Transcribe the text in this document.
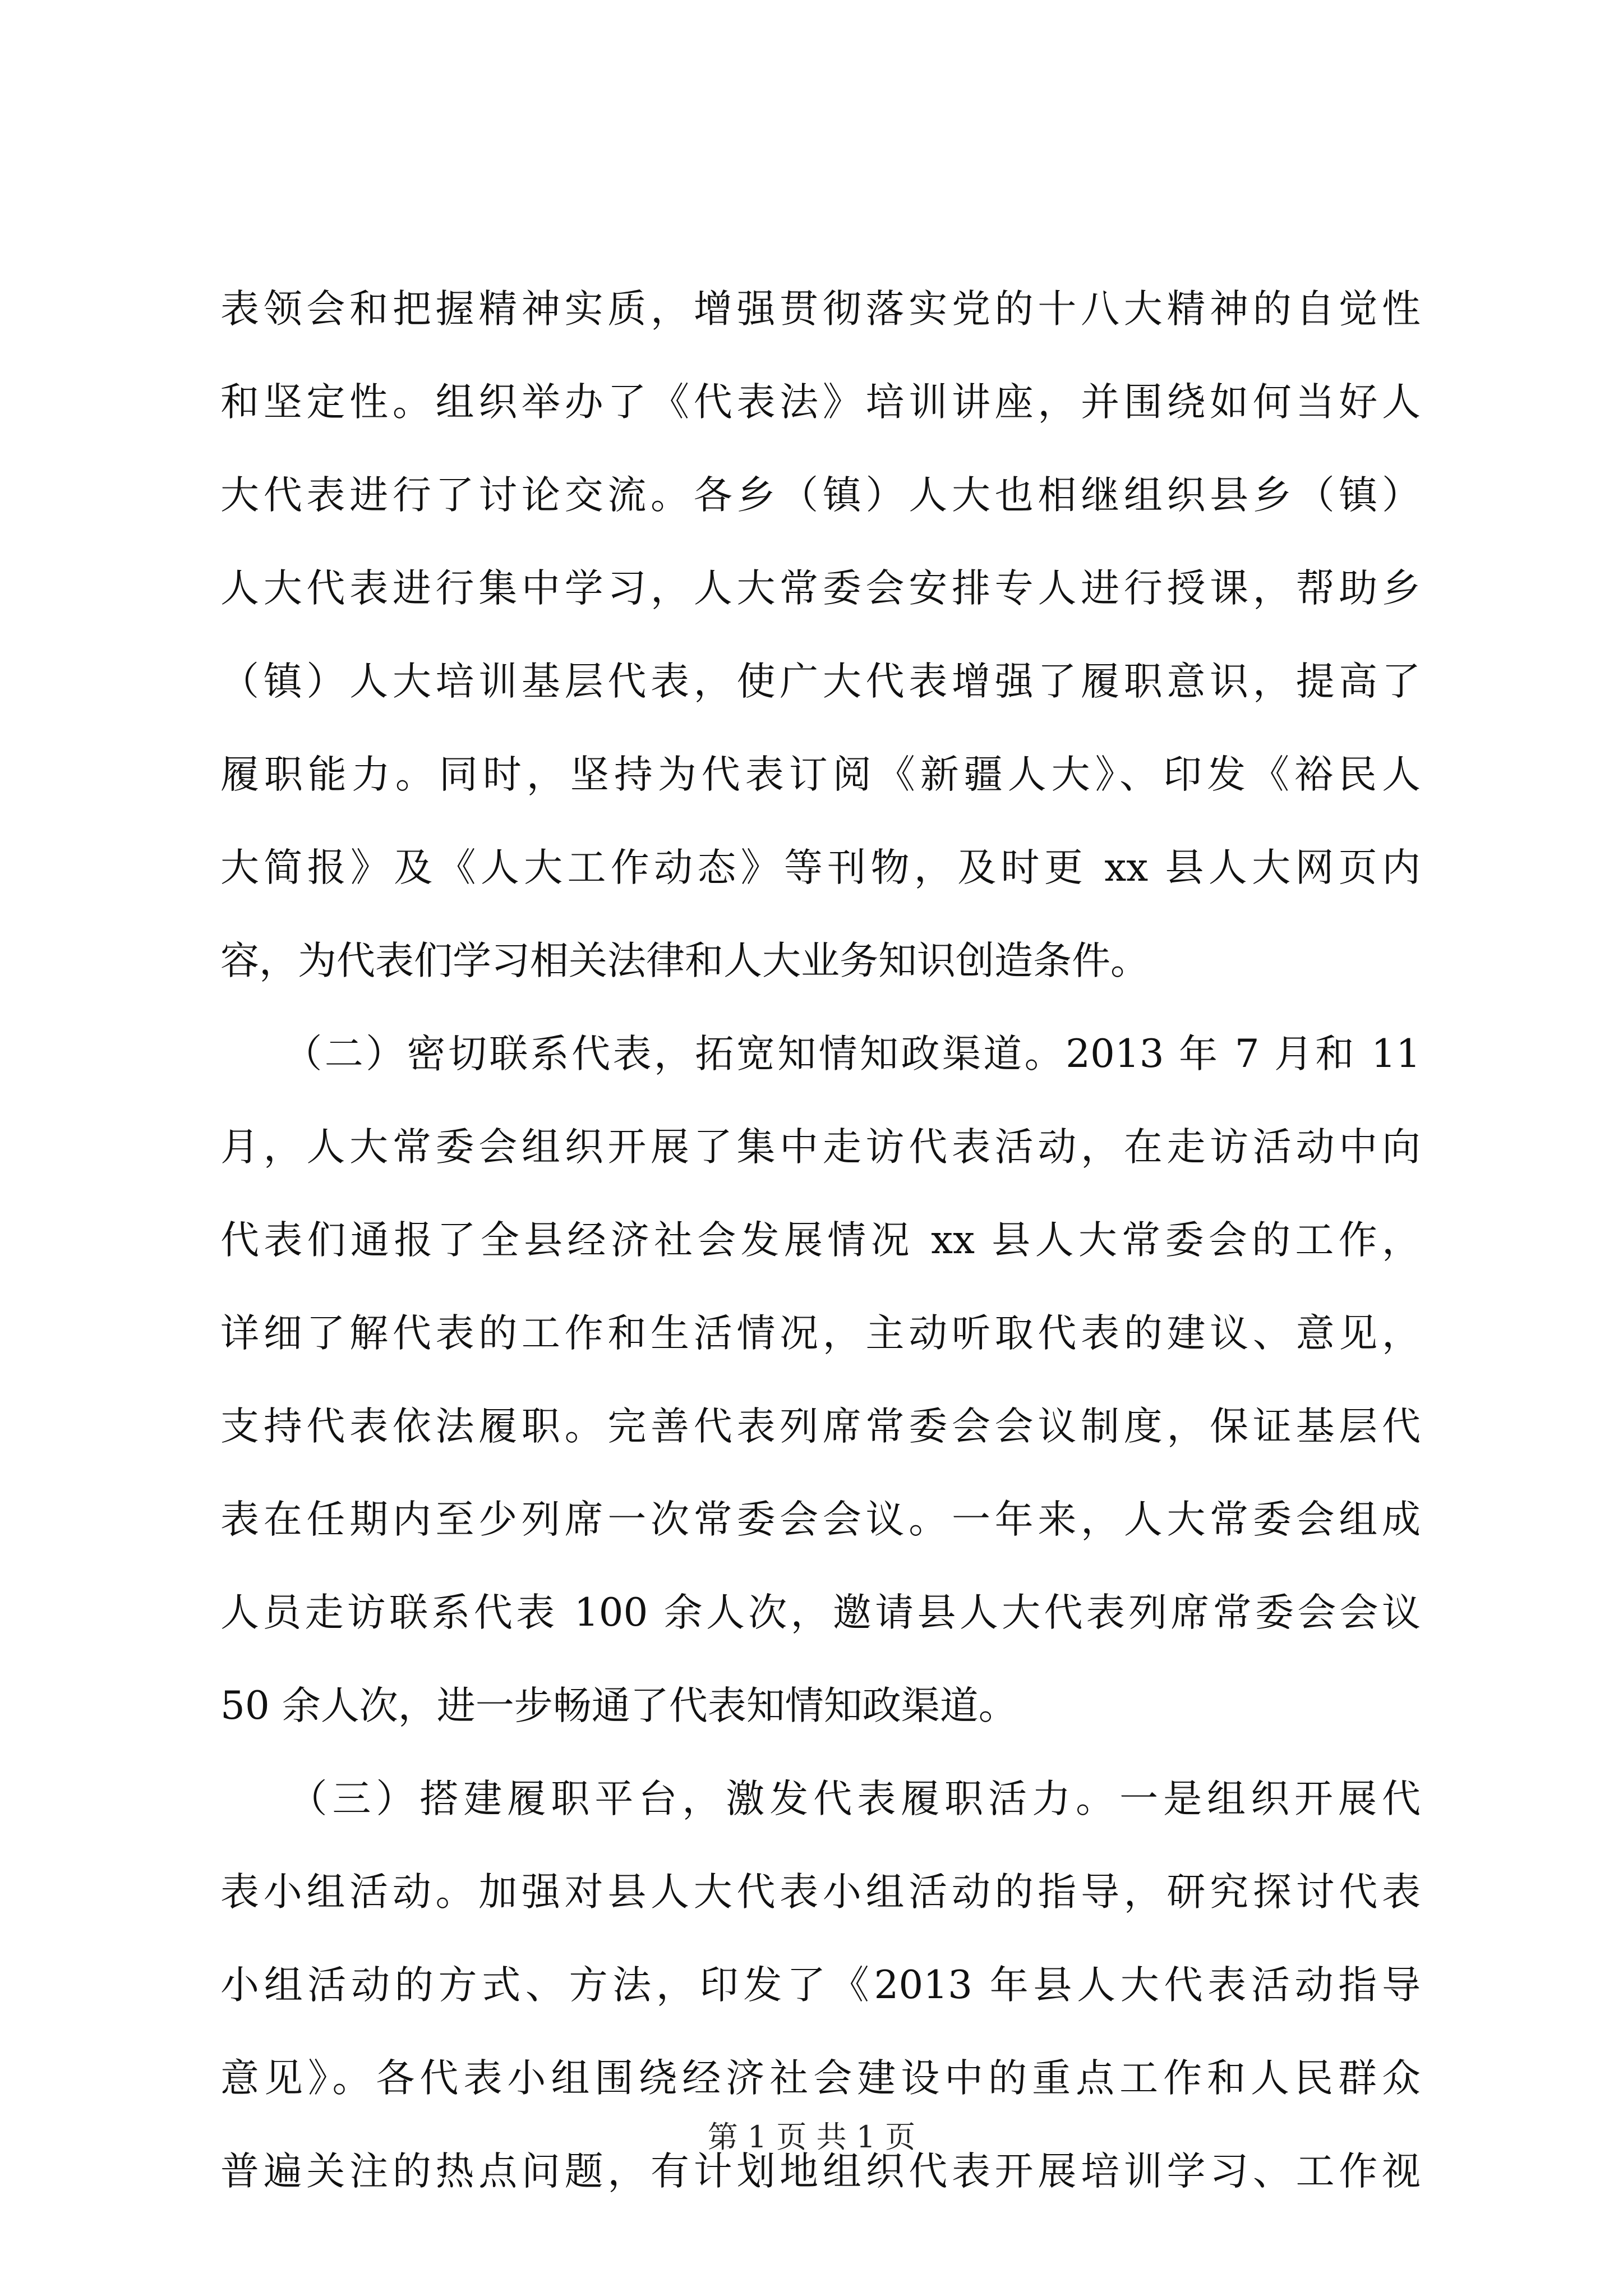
表领会和把握精神实质，增强贯彻落实党的十八大精神的自觉性
和坚定性。组织举办了《代表法》培训讲座，并围绕如何当好人
大代表进行了讨论交流。各乡（镇）人大也相继组织县乡（镇）
人大代表进行集中学习，人大常委会安排专人进行授课，帮助乡
（镇）人大培训基层代表，使广大代表增强了履职意识，提高了
履职能力。同时，坚持为代表订阅《新疆人大》、印发《裕民人
大简报》及《人大工作动态》等刊物，及时更 xx 县人大网页内
容，为代表们学习相关法律和人大业务知识创造条件。
　　（二）密切联系代表，拓宽知情知政渠道。2013 年 7 月和 11
月，人大常委会组织开展了集中走访代表活动，在走访活动中向
代表们通报了全县经济社会发展情况 xx 县人大常委会的工作，
详细了解代表的工作和生活情况，主动听取代表的建议、意见，
支持代表依法履职。完善代表列席常委会会议制度，保证基层代
表在任期内至少列席一次常委会会议。一年来，人大常委会组成
人员走访联系代表 100 余人次，邀请县人大代表列席常委会会议
50 余人次，进一步畅通了代表知情知政渠道。
　　（三）搭建履职平台，激发代表履职活力。一是组织开展代
表小组活动。加强对县人大代表小组活动的指导，研究探讨代表
小组活动的方式、方法，印发了《2013 年县人大代表活动指导
意见》。各代表小组围绕经济社会建设中的重点工作和人民群众
普遍关注的热点问题，有计划地组织代表开展培训学习、工作视
第 1 页 共 1 页
